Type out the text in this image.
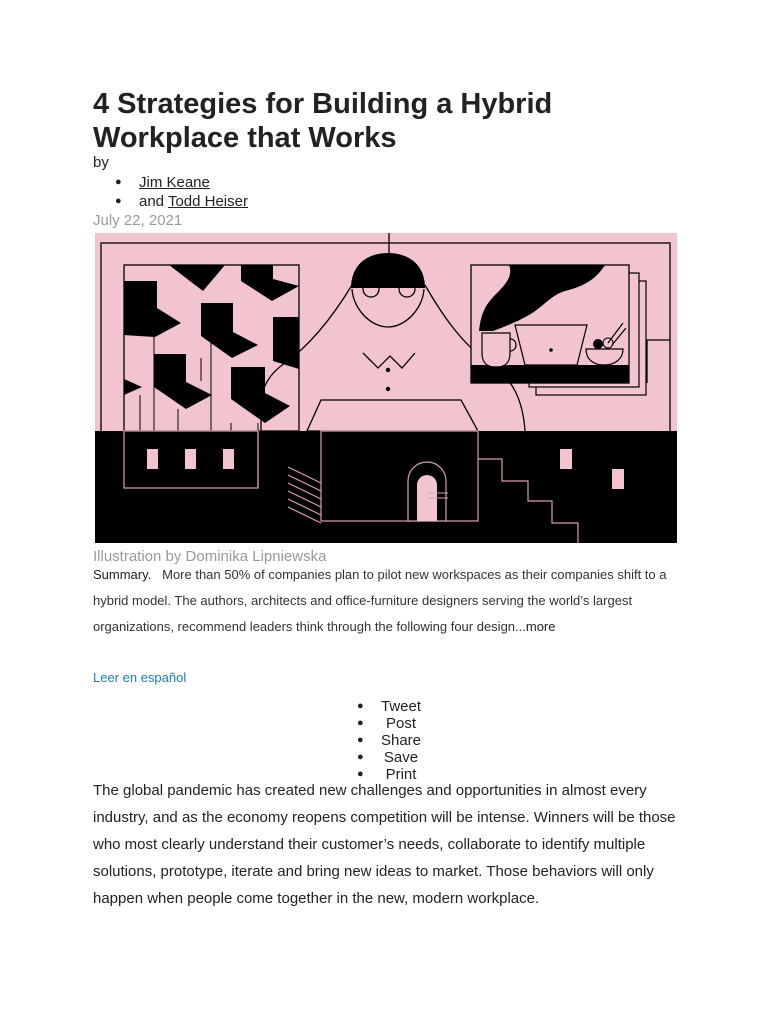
4 Strategies for Building a Hybrid Workplace that Works
by
● Jim Keane
● and Todd Heiser
July 22, 2021
Illustration by Dominika Lipniewska
Summary. More than 50% of companies plan to pilot new workspaces as their companies shift to a hybrid model. The authors, architects and office-furniture designers serving the world’s largest organizations, recommend leaders think through the following four design...more
Leer en español
● Tweet
● Post
● Share
● Save
● Print

The global pandemic has created new challenges and opportunities in almost every industry, and as the economy reopens competition will be intense. Winners will be those who most clearly understand their customer’s needs, collaborate to identify multiple solutions, prototype, iterate and bring new ideas to market. Those behaviors will only happen when people come together in the new, modern workplace.
